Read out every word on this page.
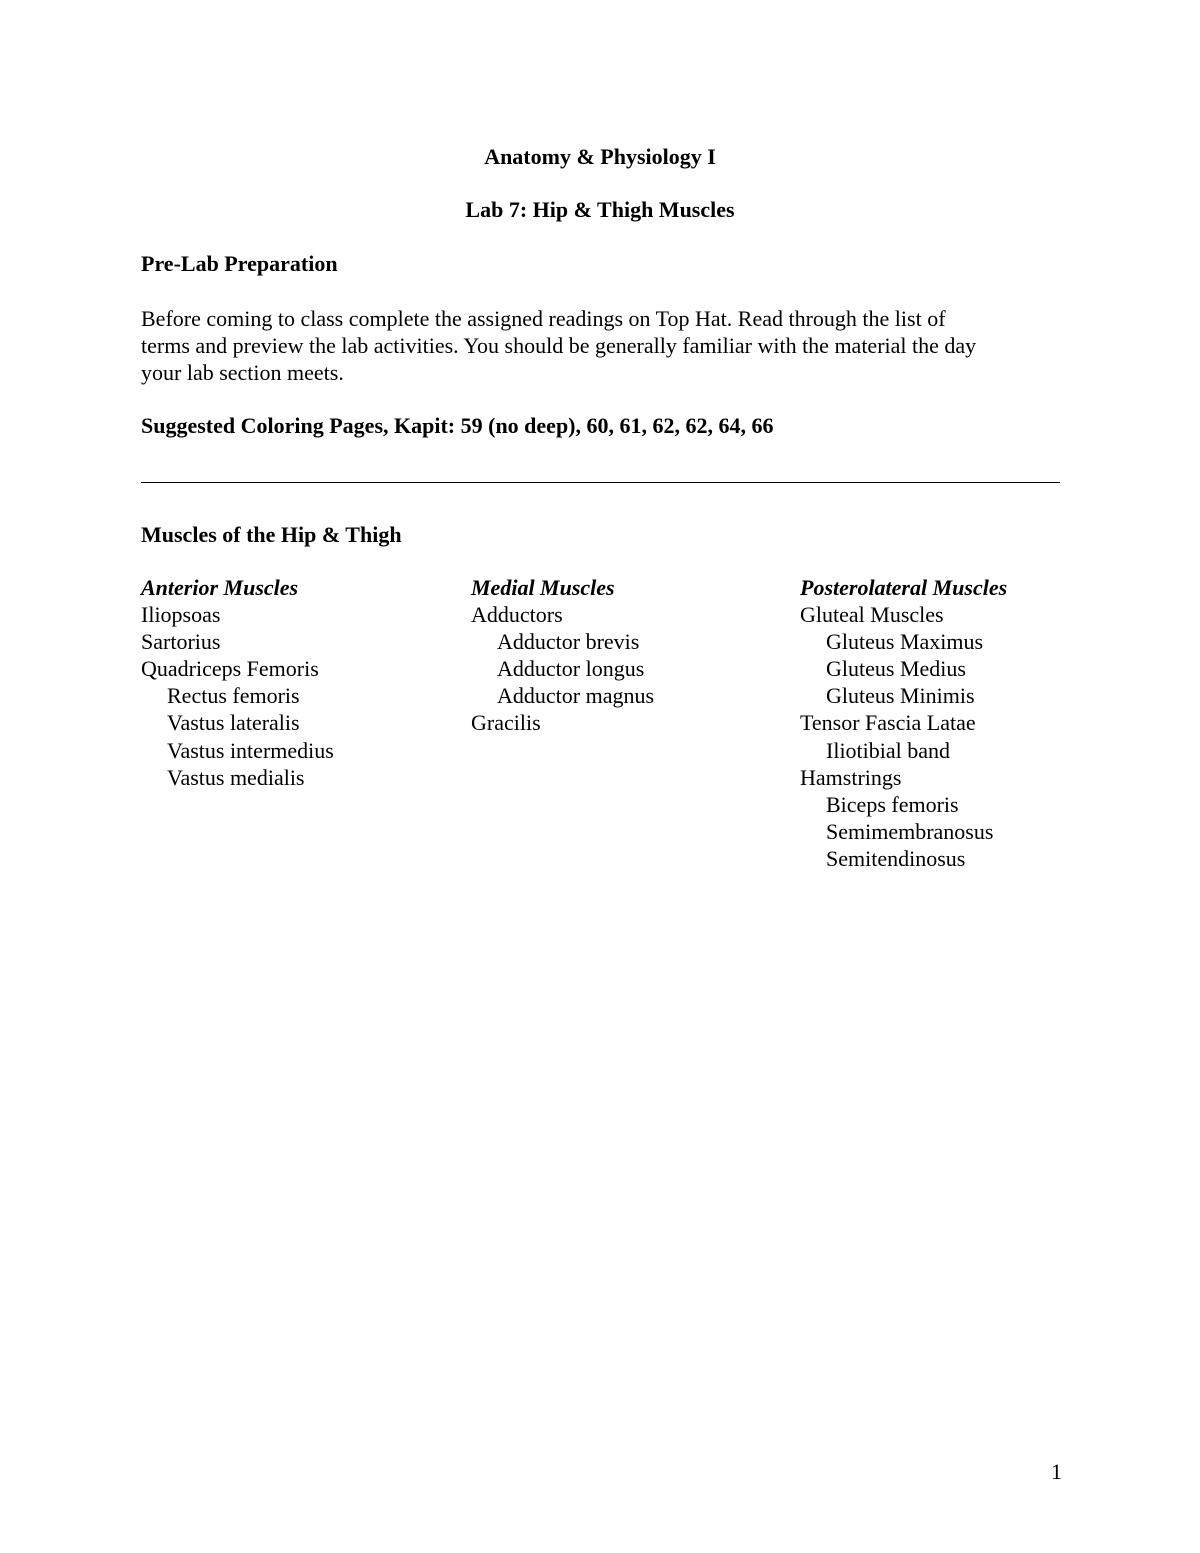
Anatomy & Physiology I

Lab 7: Hip & Thigh Muscles

Pre-Lab Preparation

Before coming to class complete the assigned readings on Top Hat. Read through the list of
terms and preview the lab activities. You should be generally familiar with the material the day
your lab section meets.

Suggested Coloring Pages, Kapit: 59 (no deep), 60, 61, 62, 62, 64, 66

Muscles of the Hip & Thigh

Anterior Muscles
Iliopsoas
Sartorius
Quadriceps Femoris
Rectus femoris
Vastus lateralis
Vastus intermedius
Vastus medialis
Medial Muscles
Adductors
Adductor brevis
Adductor longus
Adductor magnus
Gracilis
Posterolateral Muscles
Gluteal Muscles
Gluteus Maximus
Gluteus Medius
Gluteus Minimis
Tensor Fascia Latae
Iliotibial band
Hamstrings
Biceps femoris
Semimembranosus
Semitendinosus
1
